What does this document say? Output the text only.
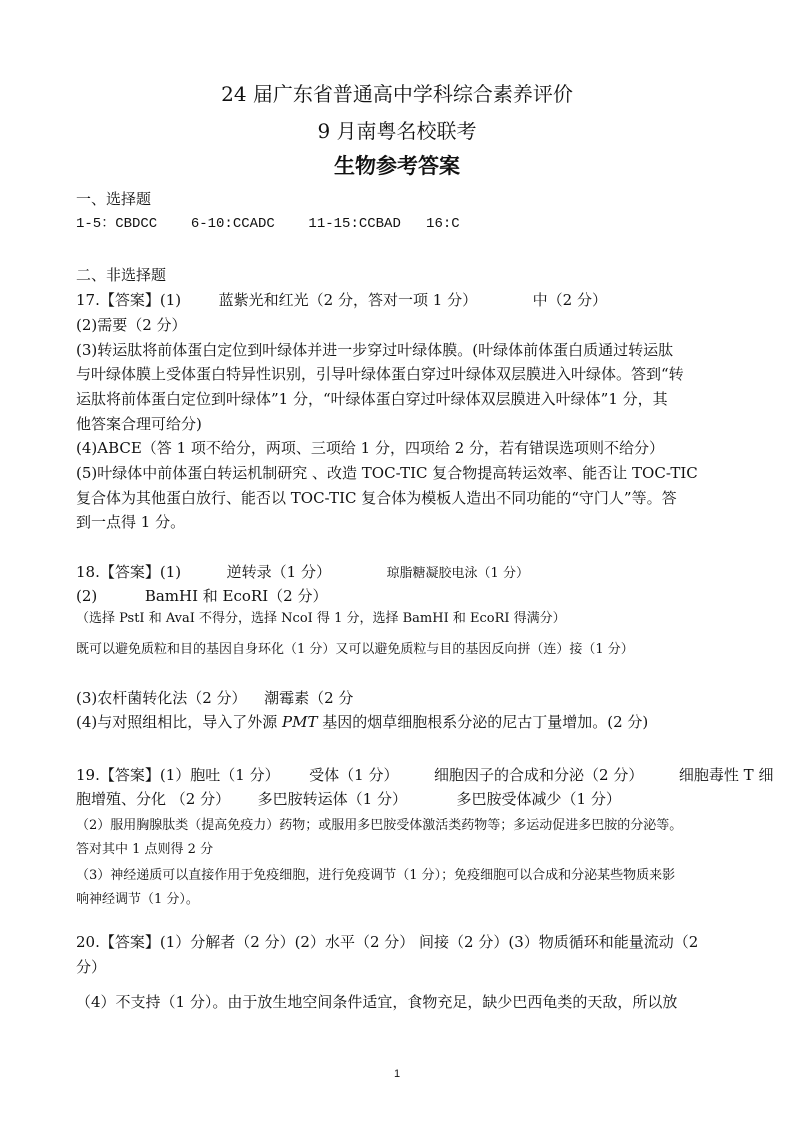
24 届广东省普通高中学科综合素养评价
9 月南粤名校联考
生物参考答案
一、选择题
1-5：CBDCC    6-10:CCADC    11-15:CCBAD   16:C
二、非选择题
17.【答案】(1)	蓝紫光和红光（2 分，答对一项 1 分）	中（2 分）
(2)需要（2 分）
(3)转运肽将前体蛋白定位到叶绿体并进一步穿过叶绿体膜。(叶绿体前体蛋白质通过转运肽
与叶绿体膜上受体蛋白特异性识别，引导叶绿体蛋白穿过叶绿体双层膜进入叶绿体。答到“转
运肽将前体蛋白定位到叶绿体”1 分，“叶绿体蛋白穿过叶绿体双层膜进入叶绿体”1 分，其
他答案合理可给分)
(4)ABCE（答 1 项不给分，两项、三项给 1 分，四项给 2 分，若有错误选项则不给分）
(5)叶绿体中前体蛋白转运机制研究 、改造 TOC-TIC 复合物提高转运效率、能否让 TOC-TIC
复合体为其他蛋白放行、能否以 TOC-TIC 复合体为模板人造出不同功能的“守门人”等。答
到一点得 1 分。
18.【答案】(1)	逆转录（1 分）	琼脂糖凝胶电泳（1 分）
(2)	BamHI 和 EcoRI（2 分）
（选择 PstI 和 AvaI 不得分，选择 NcoI 得 1 分，选择 BamHI 和 EcoRI 得满分）
既可以避免质粒和目的基因自身环化（1 分）又可以避免质粒与目的基因反向拼（连）接（1 分）
(3)农杆菌转化法（2 分） 潮霉素（2 分
(4)与对照组相比，导入了外源 PMT 基因的烟草细胞根系分泌的尼古丁量增加。(2 分)
19.【答案】(1）胞吐（1 分） 受体（1 分） 细胞因子的合成和分泌（2 分） 细胞毒性 T 细
胞增殖、分化 （2 分） 多巴胺转运体（1 分）	多巴胺受体减少（1 分）
（2）服用胸腺肽类（提高免疫力）药物；或服用多巴胺受体激活类药物等；多运动促进多巴胺的分泌等。
答对其中 1 点则得 2 分
（3）神经递质可以直接作用于免疫细胞，进行免疫调节（1 分）；免疫细胞可以合成和分泌某些物质来影
响神经调节（1 分）。
20.【答案】(1）分解者（2 分）(2）水平（2 分） 间接（2 分）(3）物质循环和能量流动（2
分）
（4）不支持（1 分）。由于放生地空间条件适宜，食物充足，缺少巴西龟类的天敌，所以放
1
